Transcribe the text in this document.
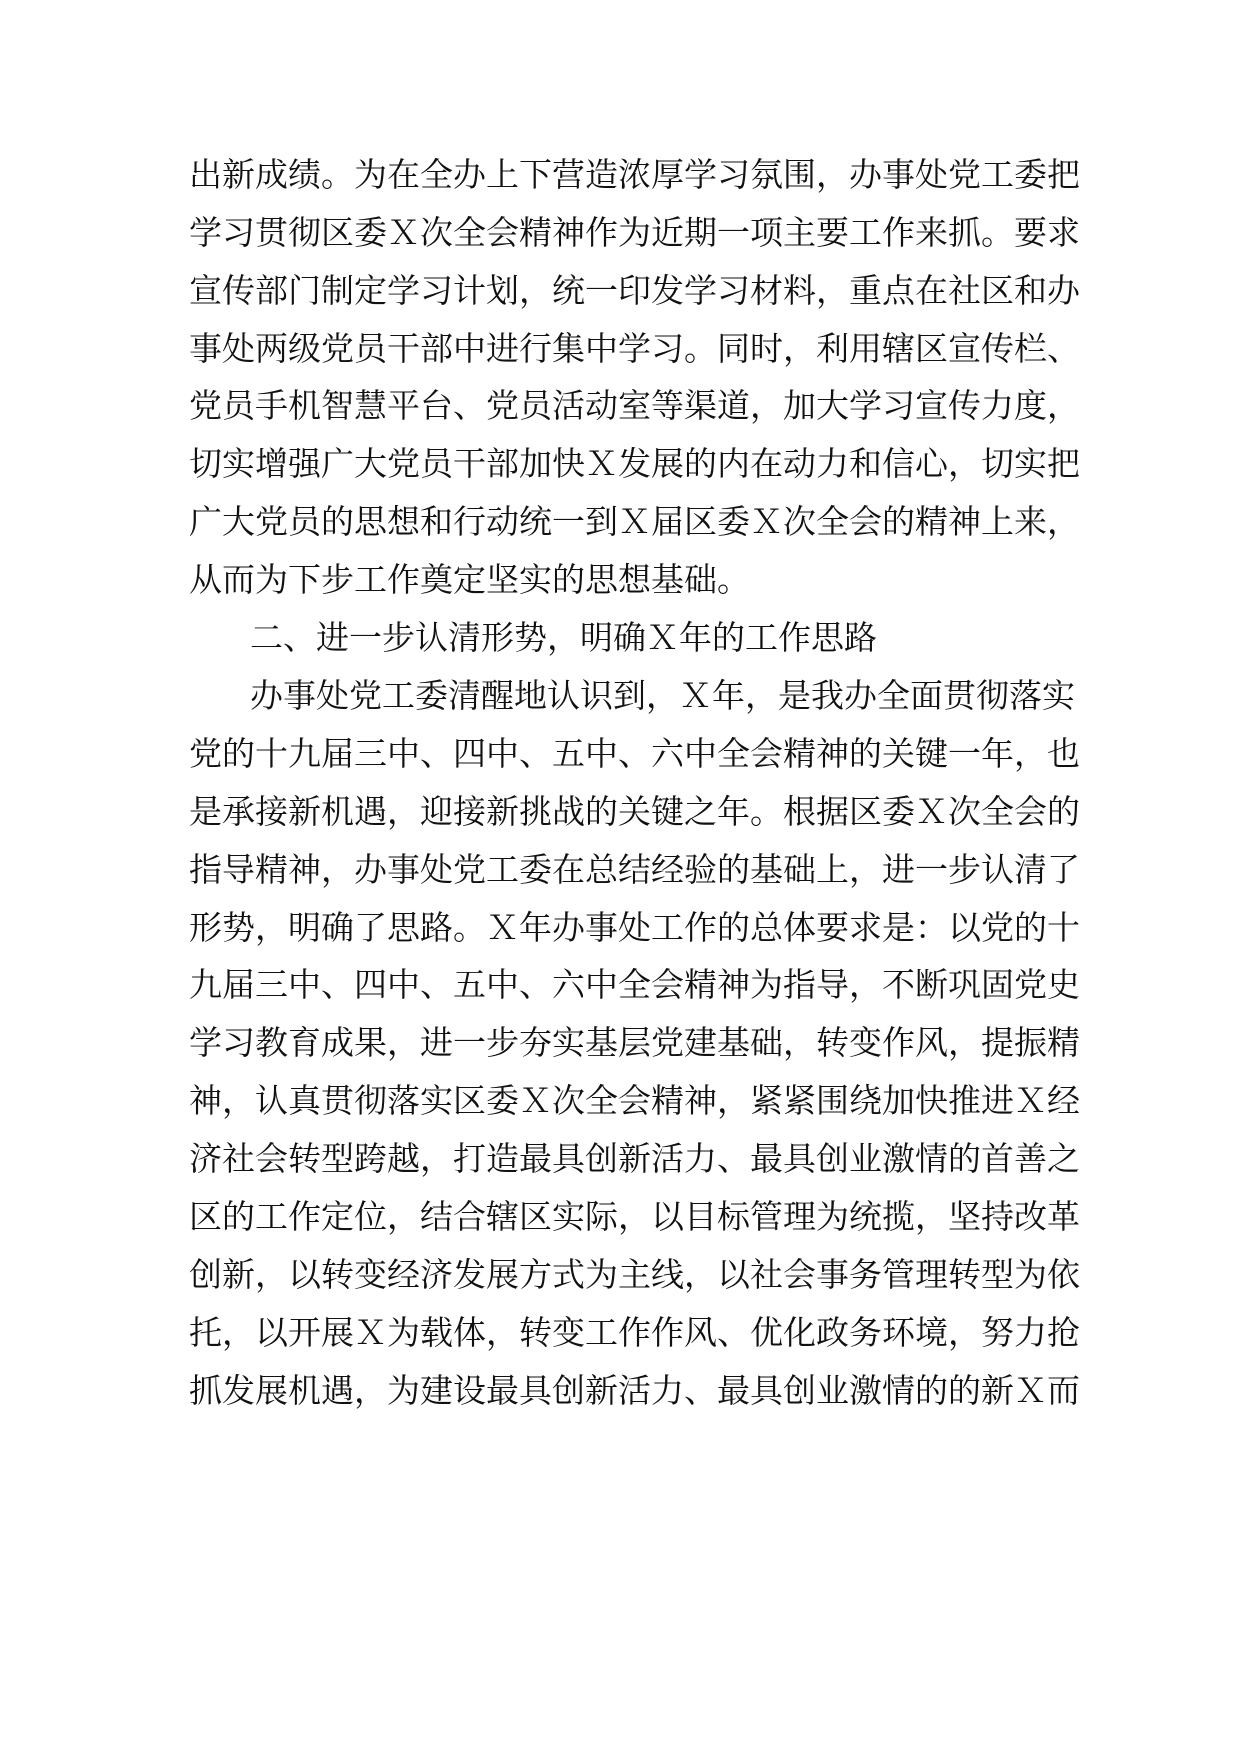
出新成绩。为在全办上下营造浓厚学习氛围，办事处党工委把
学习贯彻区委Ｘ次全会精神作为近期一项主要工作来抓。要求
宣传部门制定学习计划，统一印发学习材料，重点在社区和办
事处两级党员干部中进行集中学习。同时，利用辖区宣传栏、
党员手机智慧平台、党员活动室等渠道，加大学习宣传力度，
切实增强广大党员干部加快Ｘ发展的内在动力和信心，切实把
广大党员的思想和行动统一到Ｘ届区委Ｘ次全会的精神上来，
从而为下步工作奠定坚实的思想基础。
二、进一步认清形势，明确Ｘ年的工作思路
办事处党工委清醒地认识到，Ｘ年，是我办全面贯彻落实
党的十九届三中、四中、五中、六中全会精神的关键一年，也
是承接新机遇，迎接新挑战的关键之年。根据区委Ｘ次全会的
指导精神，办事处党工委在总结经验的基础上，进一步认清了
形势，明确了思路。Ｘ年办事处工作的总体要求是：以党的十
九届三中、四中、五中、六中全会精神为指导，不断巩固党史
学习教育成果，进一步夯实基层党建基础，转变作风，提振精
神，认真贯彻落实区委Ｘ次全会精神，紧紧围绕加快推进Ｘ经
济社会转型跨越，打造最具创新活力、最具创业激情的首善之
区的工作定位，结合辖区实际，以目标管理为统揽，坚持改革
创新，以转变经济发展方式为主线，以社会事务管理转型为依
托，以开展Ｘ为载体，转变工作作风、优化政务环境，努力抢
抓发展机遇，为建设最具创新活力、最具创业激情的的新Ｘ而
